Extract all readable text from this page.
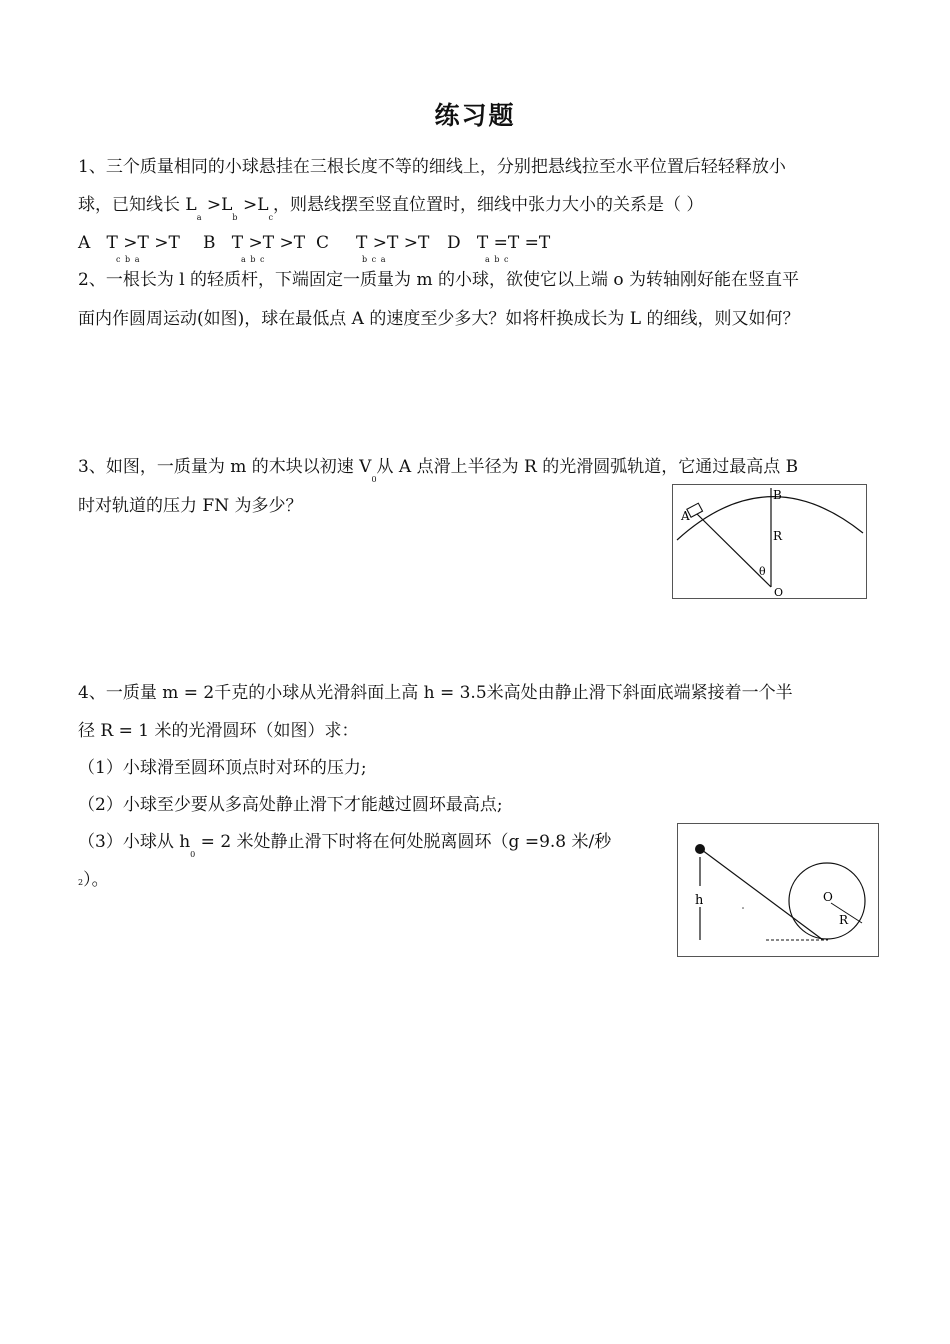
练习题
1、三个质量相同的小球悬挂在三根长度不等的细线上，分别把悬线拉至水平位置后轻轻释放小
球，已知线长 $L_a >L_b >L_c$，则悬线摆至竖直位置时，细线中张力大小的关系是（ ）
A T >T >T
c b a
B T >T >T
a b c
C T >T >T
b c a
D T =T =T
a b c
2、一根长为 l 的轻质杆，下端固定一质量为 m 的小球，欲使它以上端 o 为转轴刚好能在竖直平
面内作圆周运动(如图)，球在最低点 A 的速度至少多大？如将杆换成长为 L 的细线，则又如何？
3、如图，一质量为 m 的木块以初速 $V_0$从 A 点滑上半径为 R 的光滑圆弧轨道，它通过最高点 B
时对轨道的压力 FN 为多少？	A
B
R
θ
O
4、一质量 m = 2千克的小球从光滑斜面上高 h = 3.5米高处由静止滑下斜面底端紧接着一个半
径 R = 1 米的光滑圆环（如图）求：
（1）小球滑至圆环顶点时对环的压力;
（2）小球至少要从多高处静止滑下才能越过圆环最高点;
（3）小球从 $h_0 = 2$ 米处静止滑下时将在何处脱离圆环（g =9.8 米/秒
2）。
h	O
R
